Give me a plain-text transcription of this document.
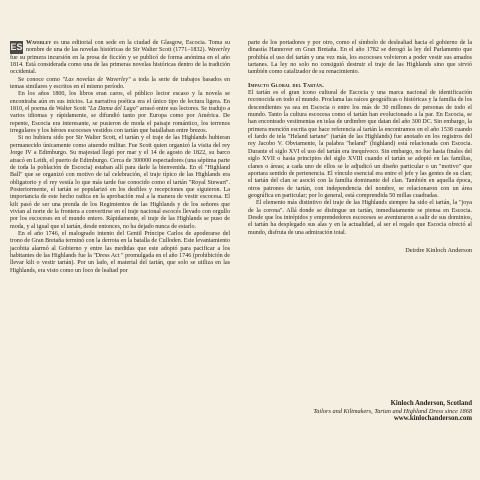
ES Waverley es una editorial con sede en la ciudad de Glasgow, Escocia. Toma su nombre de una de las novelas históricas de Sir Walter Scott (1771–1832). Waverley fue su primera incursión en la prosa de ficción y se publicó de forma anónima en el año 1814. Está considerada como una de las primeras novelas históricas dentro de la tradición occidental.

Se conoce como "Las novelas de Waverley" a toda la serie de trabajos basados en temas similares y escritos en el mismo período.

En los años 1800, los libros eran caros, el público lector escaso y la novela se encontraba aún en sus inicios. La narrativa poética era el único tipo de lectura ligera. En 1810, el poema de Walter Scott "La Dama del Lago" arrasó entre sus lectores. Se tradujo a varios idiomas y rápidamente, se difundió tanto por Europa como por América. De repente, Escocia era interesante, se pusieron de moda el paisaje romántico, los terrenos irregulares y los héroes escoceses vestidos con tartán que batallaban entre brezos.

Si no hubiera sido por Sir Walter Scott, el tartán y el traje de las Highlands hubieran permanecido únicamente como atuendo militar. Fue Scott quien organizó la visita del rey Jorge IV a Edimburgo. Su majestad llegó por mar y el 14 de agosto de 1822, su barco atracó en Leith, el puerto de Edimburgo. Cerca de 300000 espectadores (una séptima parte de toda la población de Escocia) estaban allí para darle la bienvenida. En el "Highland Ball" que se organizó con motivo de tal celebración, el traje típico de las Highlands era obligatorio y el rey vestía lo que más tarde fue conocido como el tartán "Royal Stewart". Posteriormente, el tartán se popularizó en los desfiles y recepciones que siguieron. La importancia de este hecho radica en la aprobación real a la manera de vestir escocesa. El kilt pasó de ser una prenda de los Regimientos de las Highlands y de los señores que vivían al norte de la frontera a convertirse en el traje nacional escocés llevado con orgullo por los escoceses en el mundo entero. Rápidamente, el traje de las Highlands se puso de moda, y al igual que el tartán, desde entonces, no ha dejado nunca de estarlo.

En el año 1746, el malogrado intento del Gentil Príncipe Carlos de apoderarse del trono de Gran Bretaña terminó con la derrota en la batalla de Culloden. Este levantamiento jacobita alarmó al Gobierno y entre las medidas que este adoptó para pacificar a los habitantes de las Highlands fue la "Dress Act " promulgada en el año 1746 (prohibición de llevar kilt o vestir tartán). Por un lado, el material del tartán, que solo se utiliza en las Highlands, era visto como un foco de lealtad por

parte de los portadores y por otro, como el símbolo de deslealtad hacia el gobierno de la dinastía Hannover en Gran Bretaña. En el año 1782 se derogó la ley del Parlamento que prohibía el uso del tartán y una vez más, los escoceses volvieron a poder vestir sus amados tartanes. La ley no solo no consiguió destruir el traje de las Highlands sino que sirvió también como catalizador de su renacimiento.

Impacto Global del Tartán.

El tartán es el gran icono cultural de Escocia y una marca nacional de identificación reconocida en todo el mundo. Proclama las raíces geográficas o históricas y la familia de los descendientes ya sea en Escocia o entre los más de 30 millones de personas de todo el mundo. Tanto la cultura escocesa como el tartán han evolucionado a la par. En Escocia, se han encontrado vestimentas en telas de urdimbre que datan del año 300 DC. Sin embargo, la primera mención escrita que hace referencia al tartán la encontramos en el año 1538 cuando el fardo de tela "Heland tartane" (tartán de las Highlands) fue anotado en los registros del rey Jacobo V. Obviamente, la palabra "heland" (highland) está relacionada con Escocia. Durante el siglo XVI el uso del tartán era inequívoco. Sin embargo, no fue hasta finales del siglo XVII o hasta principios del siglo XVIII cuando el tartán se adoptó en las familias, clanes o áreas; a cada uno de ellos se le adjudicó un diseño particular o un "motivo" que aportara sentido de pertenencia. El vínculo esencial era entre el jefe y las gentes de su clan; el tartán del clan se asoció con la familia dominante del clan. También en aquella época, otros patrones de tartán, con independencia del nombre, se relacionaron con un área geográfica en particular; por lo general, está comprendida 50 millas cuadradas.

El elemento más distintivo del traje de las Highlands siempre ha sido el tartán, la "joya de la corona". Allá donde se distingue un tartán, inmediatamente se piensa en Escocia. Desde que los intrépidos y emprendedores escoceses se aventuraron a salir de sus dominios, el tartán ha desplegado sus alas y en la actualidad, al ser el regalo que Escocia ofreció al mundo, disfruta de una admiración total.

Deirdre Kinloch Anderson
Kinloch Anderson, Scotland
Tailors and Kiltmakers, Tartan and Highland Dress since 1868
www.kinlochanderson.com
